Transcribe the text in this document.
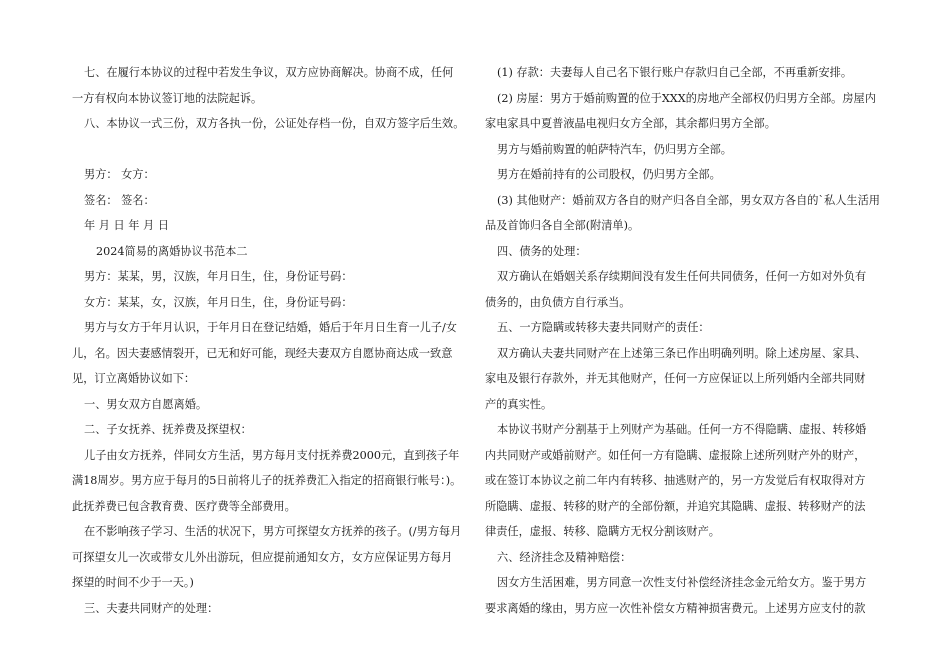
七、在履行本协议的过程中若发生争议，双方应协商解决。协商不成，任何

一方有权向本协议签订地的法院起诉。

八、本协议一式三份，双方各执一份，公证处存档一份，自双方签字后生效。

男方： 女方：

签名： 签名：

年 月 日 年 月 日

2024简易的离婚协议书范本二

男方：某某，男，汉族，年月日生，住，身份证号码：

女方：某某，女，汉族，年月日生，住，身份证号码：

男方与女方于年月认识，于年月日在登记结婚，婚后于年月日生育一儿子/女

儿，名。因夫妻感情裂开，已无和好可能，现经夫妻双方自愿协商达成一致意

见，订立离婚协议如下：

一、男女双方自愿离婚。

二、子女抚养、抚养费及探望权：

儿子由女方抚养，伴同女方生活，男方每月支付抚养费2000元，直到孩子年

满18周岁。男方应于每月的5日前将儿子的抚养费汇入指定的招商银行帐号：)。

此抚养费已包含教育费、医疗费等全部费用。

在不影响孩子学习、生活的状况下，男方可探望女方抚养的孩子。(/男方每月

可探望女儿一次或带女儿外出游玩，但应提前通知女方，女方应保证男方每月

探望的时间不少于一天。)

三、夫妻共同财产的处理：

(1) 存款：夫妻每人自己名下银行账户存款归自己全部，不再重新安排。

(2) 房屋：男方于婚前购置的位于XXX的房地产全部权仍归男方全部。房屋内

家电家具中夏普液晶电视归女方全部，其余都归男方全部。

男方与婚前购置的帕萨特汽车，仍归男方全部。

男方在婚前持有的公司股权，仍归男方全部。

(3) 其他财产：婚前双方各自的财产归各自全部，男女双方各自的`私人生活用

品及首饰归各自全部(附清单)。

四、债务的处理：

双方确认在婚姻关系存续期间没有发生任何共同债务，任何一方如对外负有

债务的，由负债方自行承当。

五、一方隐瞒或转移夫妻共同财产的责任：

双方确认夫妻共同财产在上述第三条已作出明确列明。除上述房屋、家具、

家电及银行存款外，并无其他财产，任何一方应保证以上所列婚内全部共同财

产的真实性。

本协议书财产分割基于上列财产为基础。任何一方不得隐瞒、虚报、转移婚

内共同财产或婚前财产。如任何一方有隐瞒、虚报除上述所列财产外的财产，

或在签订本协议之前二年内有转移、抽逃财产的，另一方发觉后有权取得对方

所隐瞒、虚报、转移的财产的全部份额，并追究其隐瞒、虚报、转移财产的法

律责任，虚报、转移、隐瞒方无权分割该财产。

六、经济挂念及精神赔偿：

因女方生活困难，男方同意一次性支付补偿经济挂念金元给女方。鉴于男方

要求离婚的缘由，男方应一次性补偿女方精神损害费元。上述男方应支付的款
